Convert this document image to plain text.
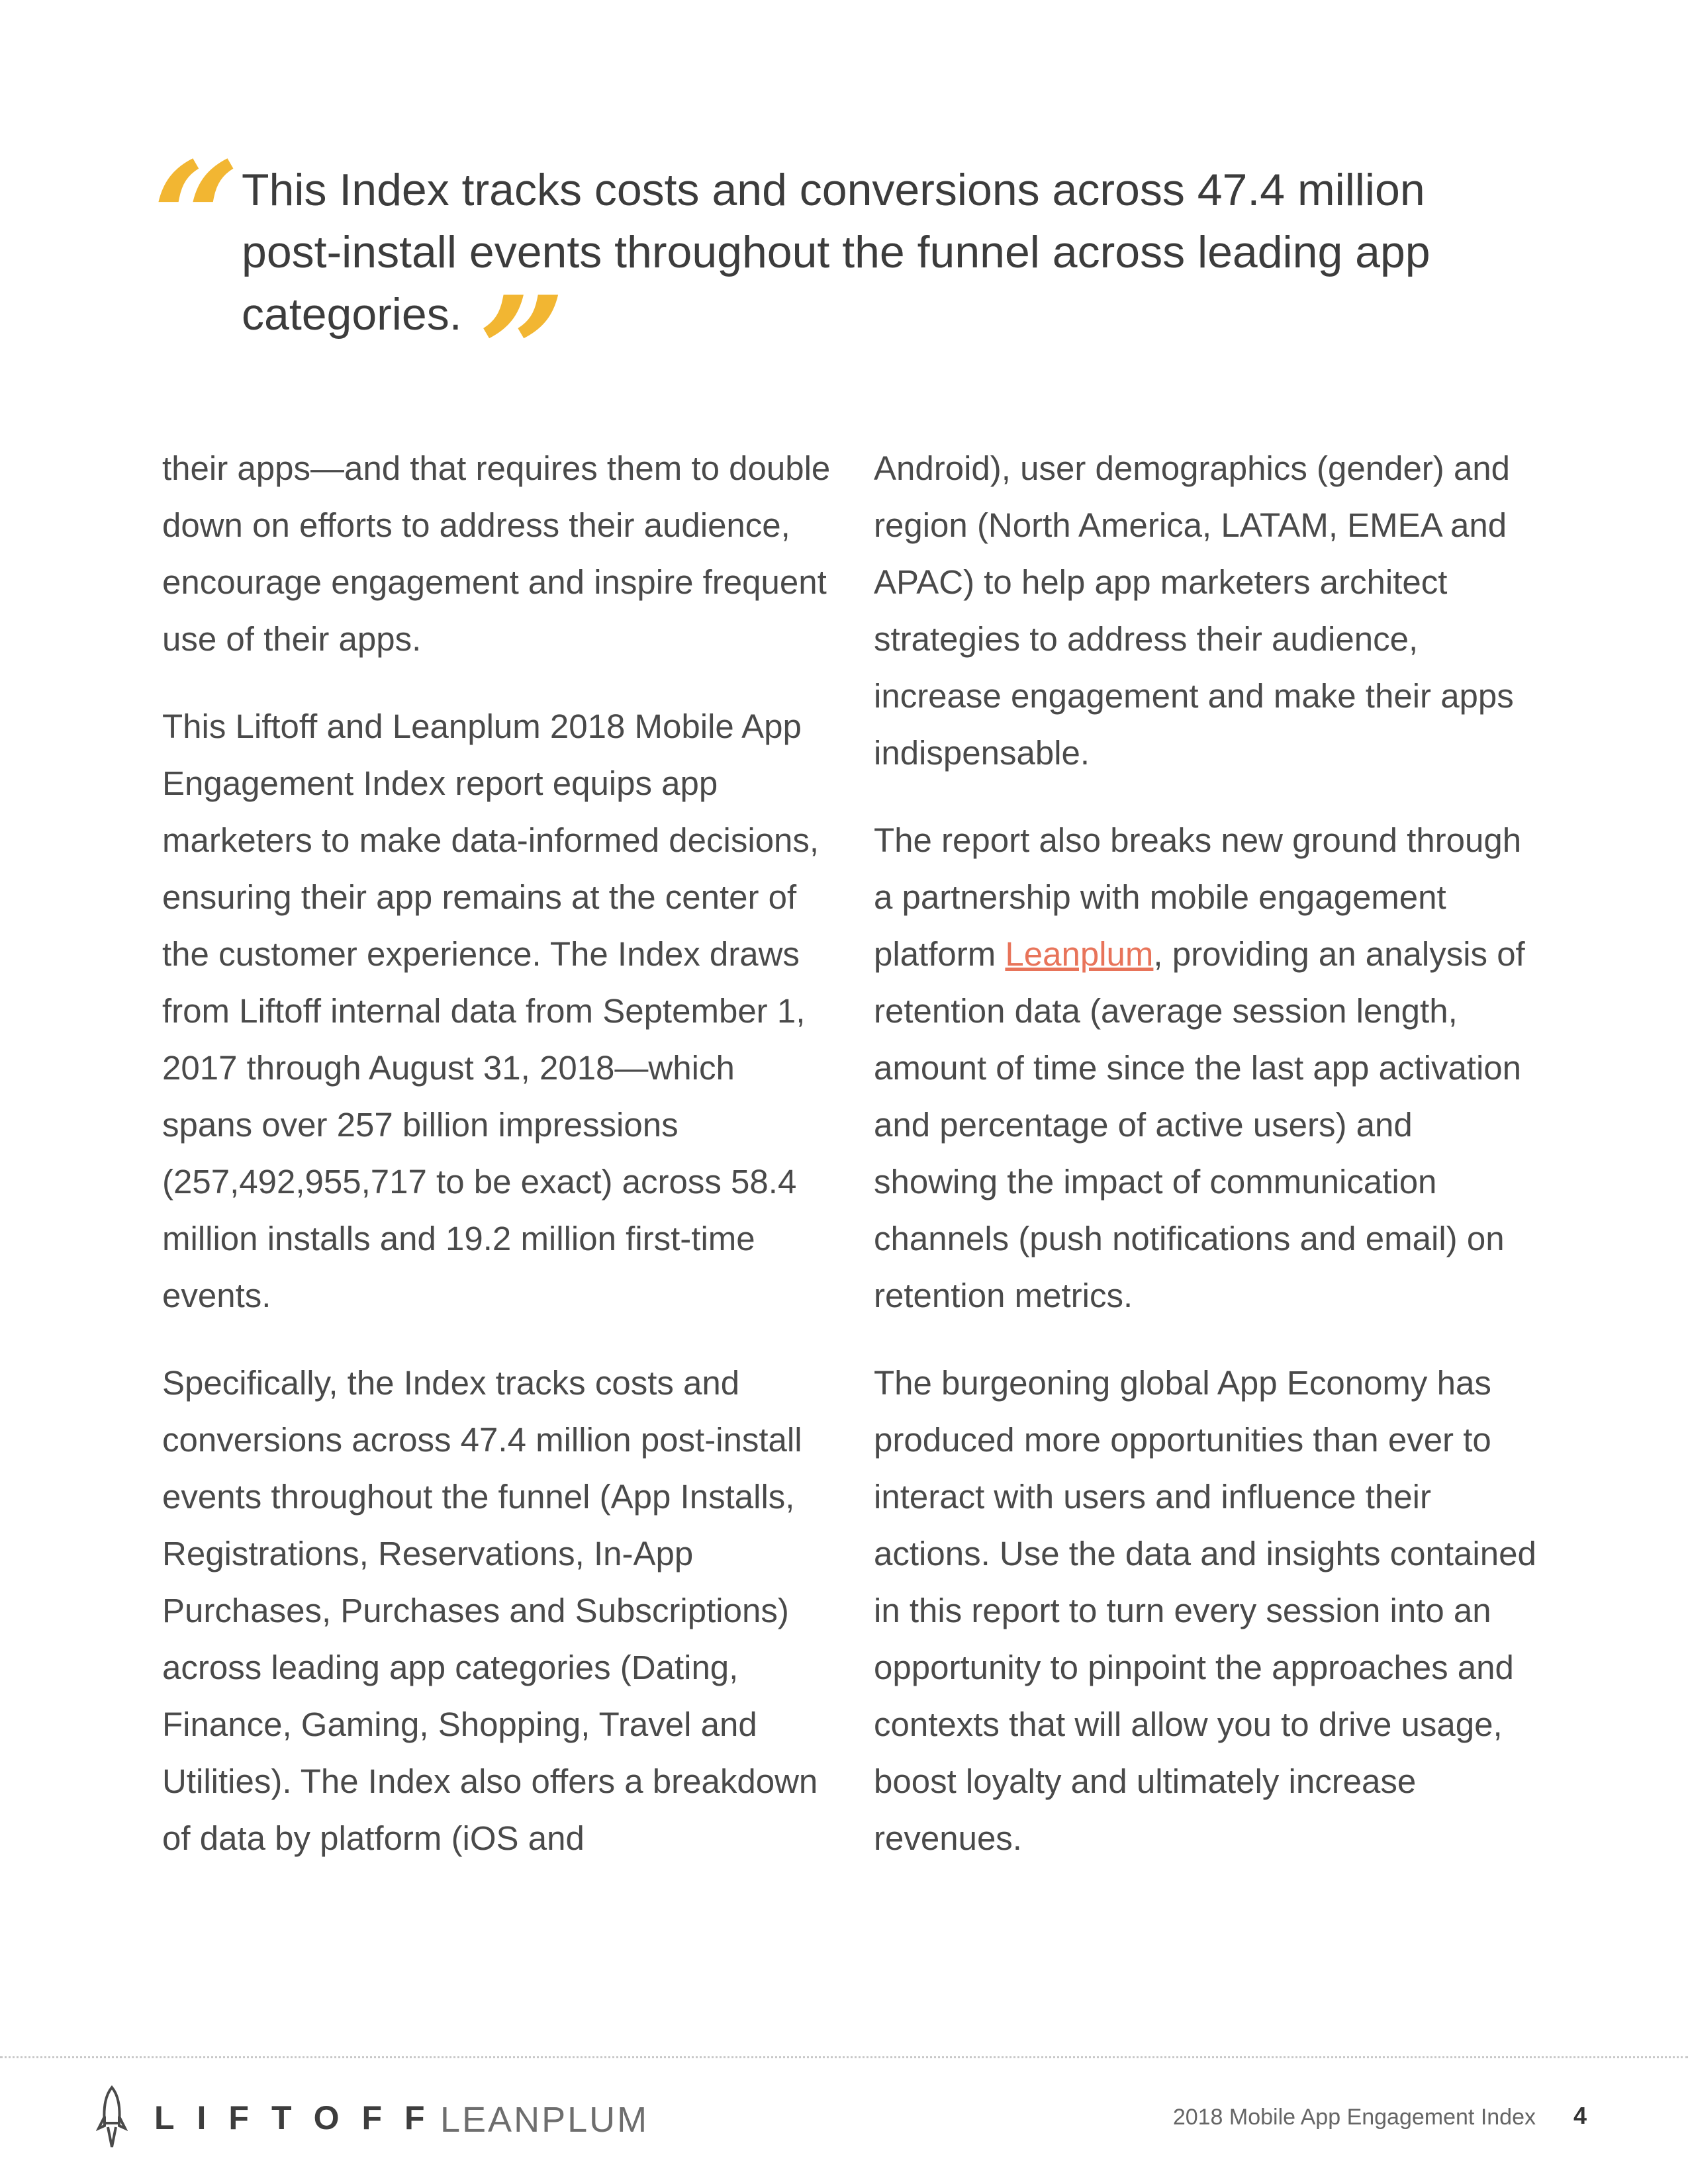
“ This Index tracks costs and conversions across 47.4 million post-install events throughout the funnel across leading app categories. ”

their apps—and that requires them to double down on efforts to address their audience, encourage engagement and inspire frequent use of their apps.

This Liftoff and Leanplum 2018 Mobile App Engagement Index report equips app marketers to make data-informed decisions, ensuring their app remains at the center of the customer experience. The Index draws from Liftoff internal data from September 1, 2017 through August 31, 2018—which spans over 257 billion impressions (257,492,955,717 to be exact) across 58.4 million installs and 19.2 million first-time events.

Specifically, the Index tracks costs and conversions across 47.4 million post-install events throughout the funnel (App Installs, Registrations, Reservations, In-App Purchases, Purchases and Subscriptions) across leading app categories (Dating, Finance, Gaming, Shopping, Travel and Utilities). The Index also offers a breakdown of data by platform (iOS and

Android), user demographics (gender) and region (North America, LATAM, EMEA and APAC) to help app marketers architect strategies to address their audience, increase engagement and make their apps indispensable.

The report also breaks new ground through a partnership with mobile engagement platform Leanplum, providing an analysis of retention data (average session length, amount of time since the last app activation and percentage of active users) and showing the impact of communication channels (push notifications and email) on retention metrics.

The burgeoning global App Economy has produced more opportunities than ever to interact with users and influence their actions. Use the data and insights contained in this report to turn every session into an opportunity to pinpoint the approaches and contexts that will allow you to drive usage, boost loyalty and ultimately increase revenues.

LIFTOFF
LEANPLUM	2018 Mobile App Engagement Index 4
